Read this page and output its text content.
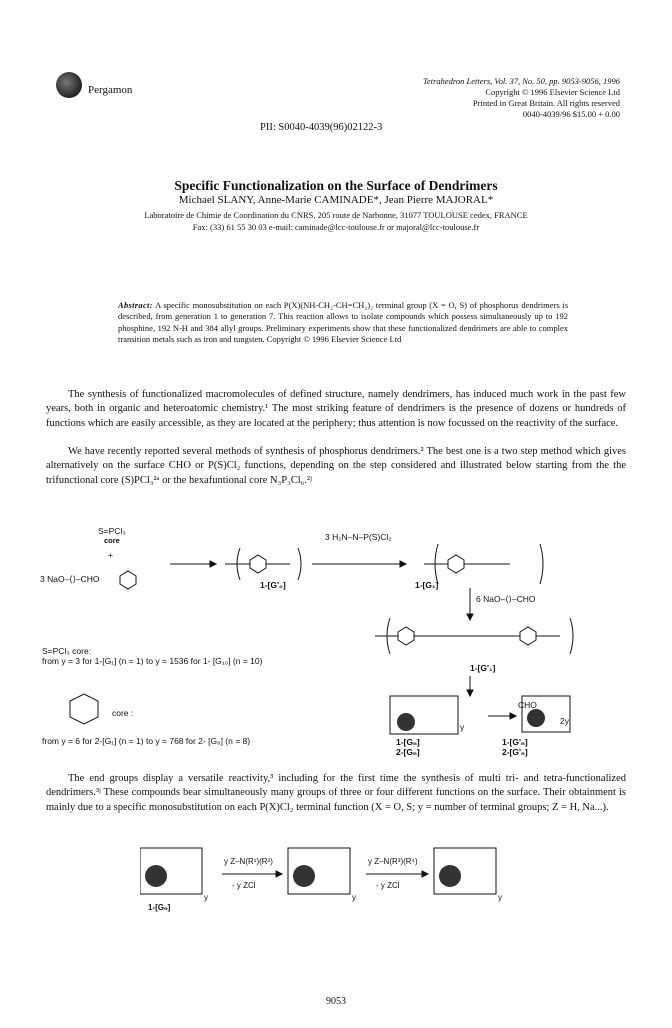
Pergamon
Tetrahedron Letters, Vol. 37, No. 50, pp. 9053-9056, 1996
Copyright © 1996 Elsevier Science Ltd
Printed in Great Britain. All rights reserved
0040-4039/96 $15.00 + 0.00
PII: S0040-4039(96)02122-3
Specific Functionalization on the Surface of Dendrimers
Michael SLANY, Anne-Marie CAMINADE*, Jean Pierre MAJORAL*
Laboratoire de Chimie de Coordination du CNRS, 205 route de Narbonne, 31077 TOULOUSE cedex, FRANCE
Fax: (33) 61 55 30 03 e-mail: caminade@lcc-toulouse.fr or majoral@lcc-toulouse.fr
Abstract: A specific monosubstitution on each P(X)(NH-CH₂-CH=CH₂)₂ terminal group (X = O, S) of phosphorus dendrimers is described, from generation 1 to generation 7. This reaction allows to isolate compounds which possess simultaneously up to 192 phosphine, 192 N-H and 384 allyl groups. Preliminary experiments show that these functionalized dendrimers are able to complex transition metals such as iron and tungsten. Copyright © 1996 Elsevier Science Ltd
The synthesis of functionalized macromolecules of defined structure, namely dendrimers, has induced much work in the past few years, both in organic and heteroatomic chemistry.¹ The most striking feature of dendrimers is the presence of dozens or hundreds of functions which are easily accessible, as they are located at the periphery; thus attention is now focussed on the reactivity of the surface.
We have recently reported several methods of synthesis of phosphorus dendrimers.² The best one is a two step method which gives alternatively on the surface CHO or P(S)Cl₂ functions, depending on the step considered and illustrated below starting from the the trifunctional core (S)PCl₃²ᵃ or the hexafuntional core N₃P₃Cl₆.²ʲ
S=PCl₃
core
+
3 NaO–⟨⟩–CHO
1-[G'₀]	1-[G₁]
3 H₂N–N–P(S)Cl₂
6 NaO–⟨⟩–CHO
1-[G'₁]
S=PCl₃ core:
from y = 3 for 1-[G₁] (n = 1) to y = 1536 for 1- [G₁₀] (n = 10)
core :
from y = 6 for 2-[G₁] (n = 1) to y = 768 for 2- [G₈] (n = 8)	1-[Gₙ]
2-[Gₙ]
1-[G'ₙ]
2-[G'ₙ]
CHO
2y
y
The end groups display a versatile reactivity,³ including for the first time the synthesis of multi tri- and tetra-functionalized dendrimers.³ʲ These compounds bear simultaneously many groups of three or four different functions on the surface. Their obtainment is mainly due to a specific monosubstitution on each P(X)Cl₂ terminal function (X = O, S; y = number of terminal groups; Z = H, Na...).
y Z–N(R¹)(R²)
- y ZCl
y Z–N(R³)(R⁴)
- y ZCl
1-[Gₙ]
y	y	y
9053
